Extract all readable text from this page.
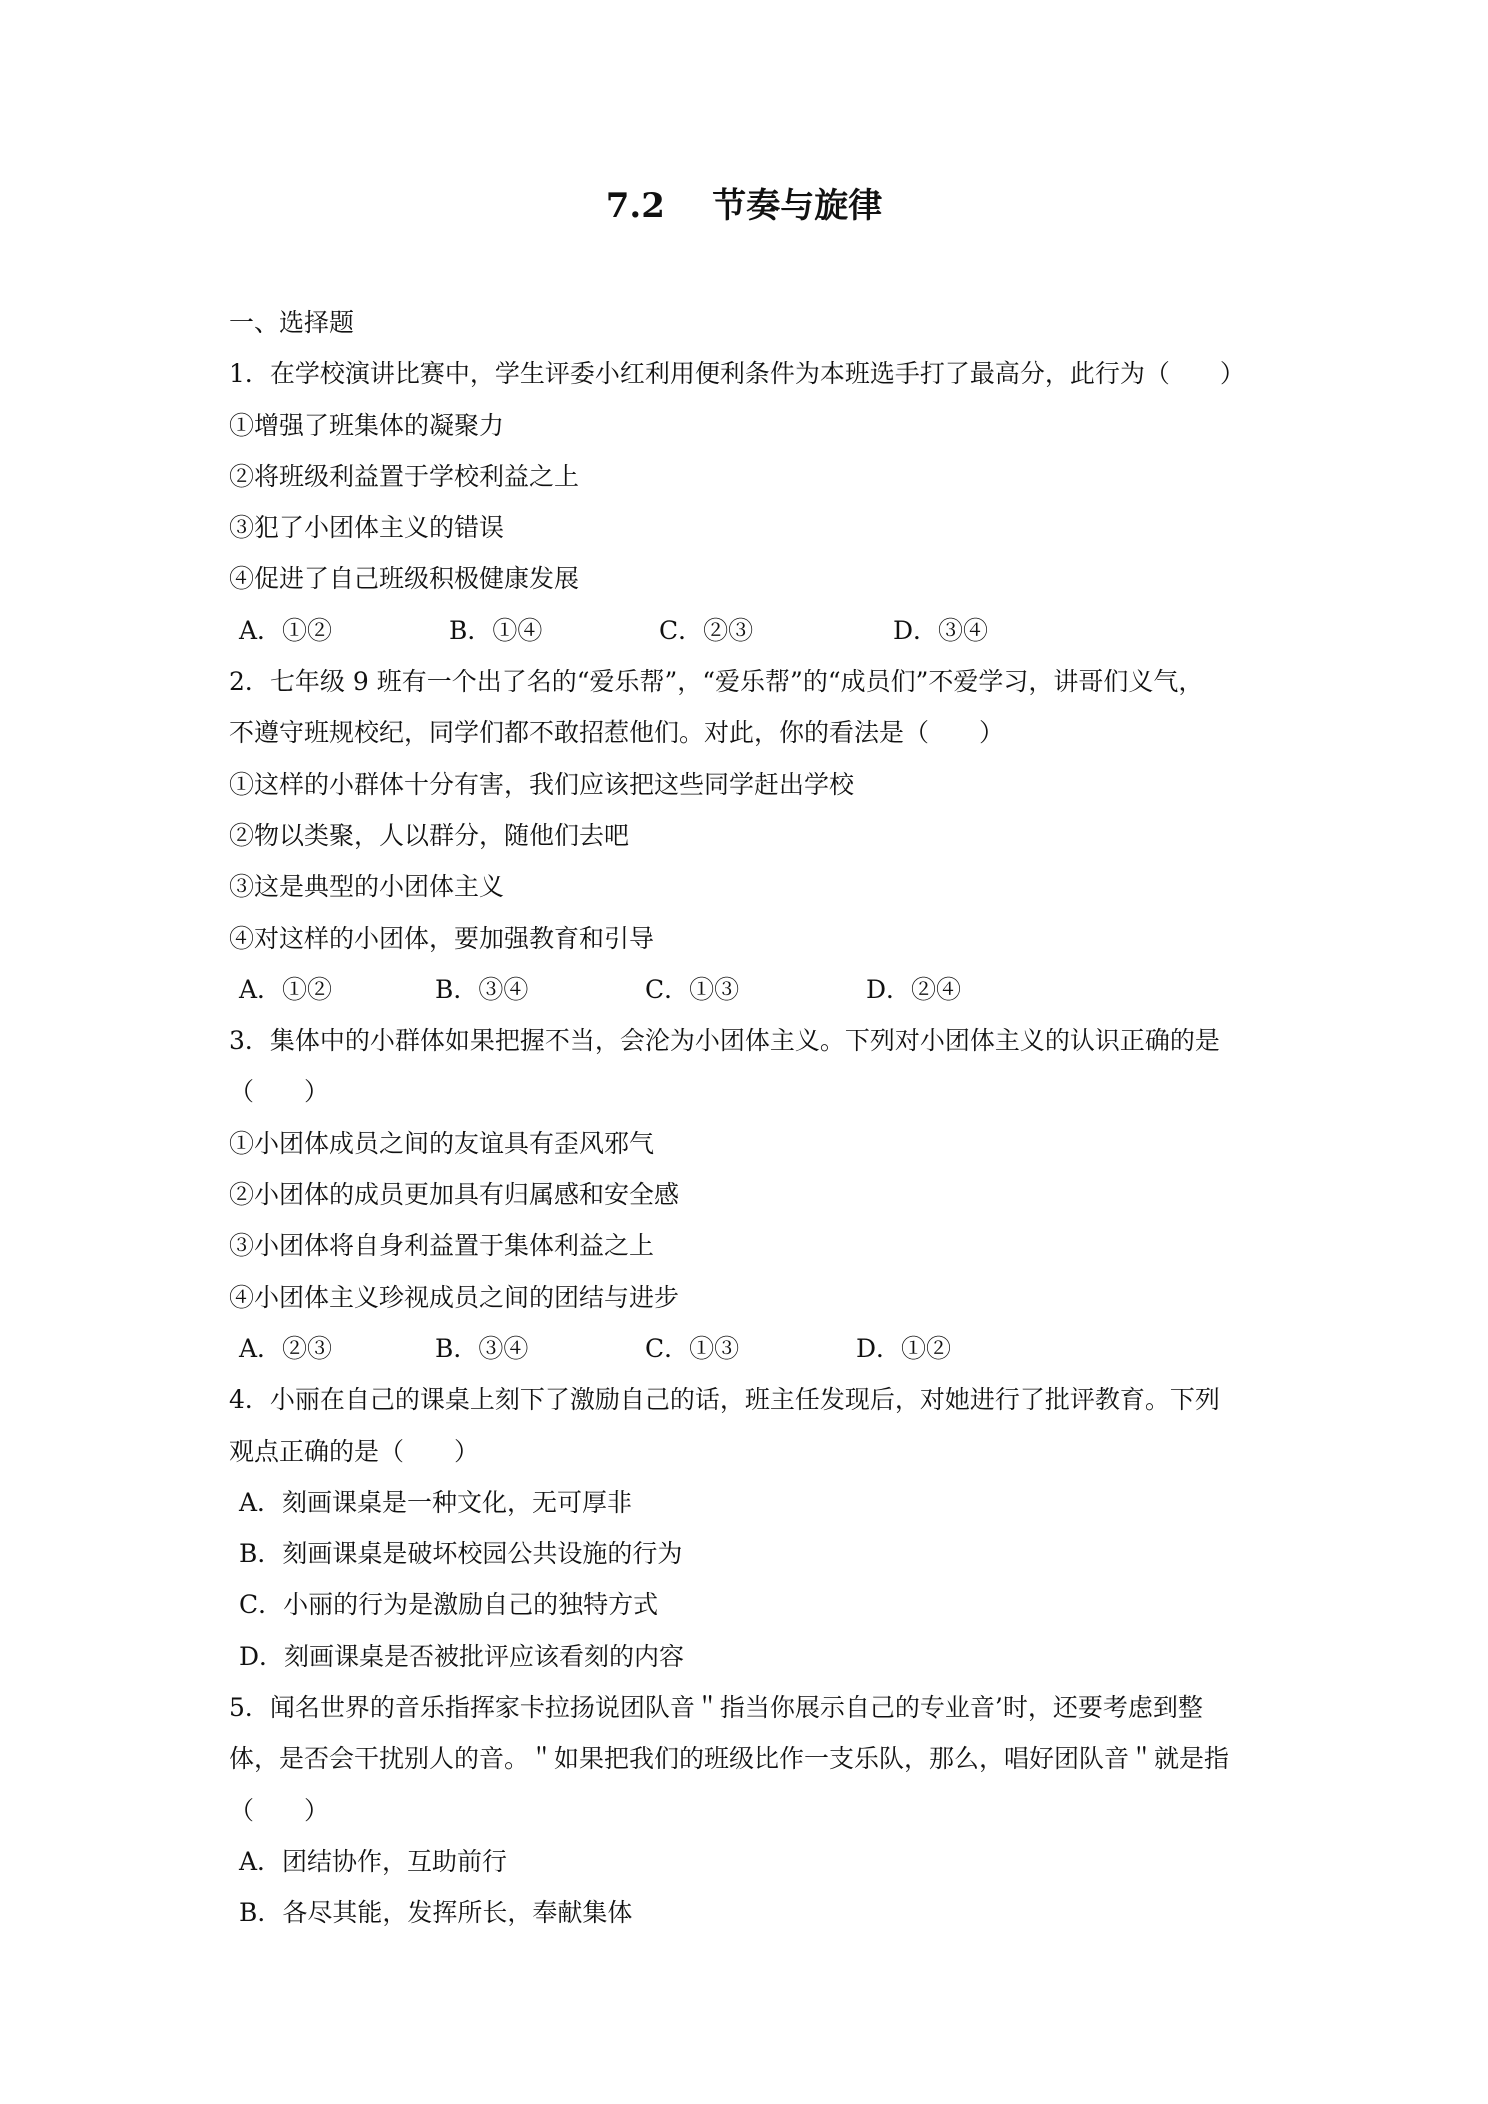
7.2    节奏与旋律
一、选择题
1．在学校演讲比赛中，学生评委小红利用便利条件为本班选手打了最高分，此行为（　　）
①增强了班集体的凝聚力
②将班级利益置于学校利益之上
③犯了小团体主义的错误
④促进了自己班级积极健康发展
A．①②	B．①④	C．②③	D．③④
2．七年级 9 班有一个出了名的“爱乐帮”，“爱乐帮”的“成员们”不爱学习，讲哥们义气，
不遵守班规校纪，同学们都不敢招惹他们。对此，你的看法是（　　）
①这样的小群体十分有害，我们应该把这些同学赶出学校
②物以类聚，人以群分，随他们去吧
③这是典型的小团体主义
④对这样的小团体，要加强教育和引导
A．①②	B．③④	C．①③	D．②④
3．集体中的小群体如果把握不当，会沦为小团体主义。下列对小团体主义的认识正确的是
（　　）
①小团体成员之间的友谊具有歪风邪气
②小团体的成员更加具有归属感和安全感
③小团体将自身利益置于集体利益之上
④小团体主义珍视成员之间的团结与进步
A．②③	B．③④	C．①③	D．①②
4．小丽在自己的课桌上刻下了激励自己的话，班主任发现后，对她进行了批评教育。下列
观点正确的是（　　）
A．刻画课桌是一种文化，无可厚非
B．刻画课桌是破坏校园公共设施的行为
C．小丽的行为是激励自己的独特方式
D．刻画课桌是否被批评应该看刻的内容
5．闻名世界的音乐指挥家卡拉扬说团队音＂指当你展示自己的专业音’时，还要考虑到整
体，是否会干扰别人的音。＂如果把我们的班级比作一支乐队，那么，唱好团队音＂就是指
（　　）
A．团结协作，互助前行
B．各尽其能，发挥所长，奉献集体
